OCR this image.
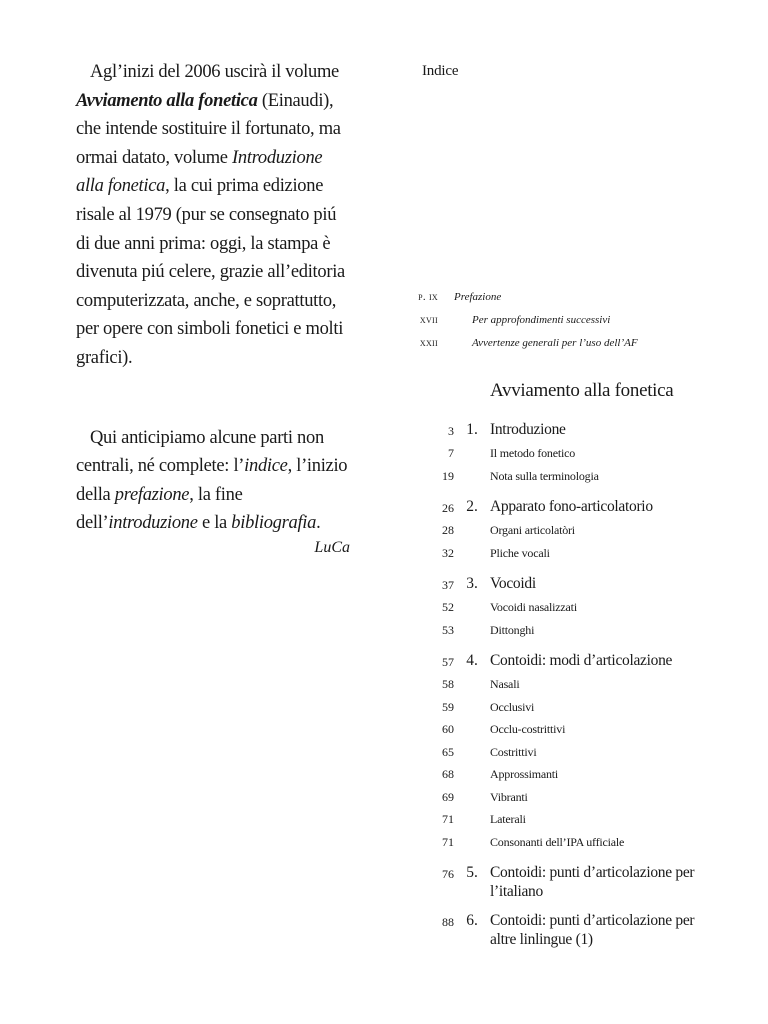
Agl’inizi del 2006 uscirà il volume Avviamento alla fonetica (Einaudi), che intende sostituire il fortunato, ma ormai datato, volume Introduzione alla fonetica, la cui prima edizione risale al 1979 (pur se consegnato piú di due anni prima: oggi, la stampa è divenuta piú celere, grazie all’editoria computerizzata, anche, e soprattutto, per opere con simboli fonetici e molti grafici).

Qui anticipiamo alcune parti non centrali, né complete: l’indice, l’inizio della prefazione, la fine dell’introduzione e la bibliografia.

LuCa
Indice
p. ix	Prefazione
xvii	Per approfondimenti successivi
xxii	Avvertenze generali per l’uso dell’AF
Avviamento alla fonetica
3 1. Introduzione
7	Il metodo fonetico
19	Nota sulla terminologia
26 2. Apparato fono-articolatorio
28	Organi articolatòri
32	Pliche vocali
37 3. Vocoidi
52	Vocoidi nasalizzati
53	Dittonghi
57 4. Contoidi: modi d’articolazione
58	Nasali
59	Occlusivi
60	Occlu-costrittivi
65	Costrittivi
68	Approssimanti
69	Vibranti
71	Laterali
71	Consonanti dell’IPA ufficiale
76 5. Contoidi: punti d’articolazione per l’italiano
88 6. Contoidi: punti d’articolazione per altre linlingue (1)
